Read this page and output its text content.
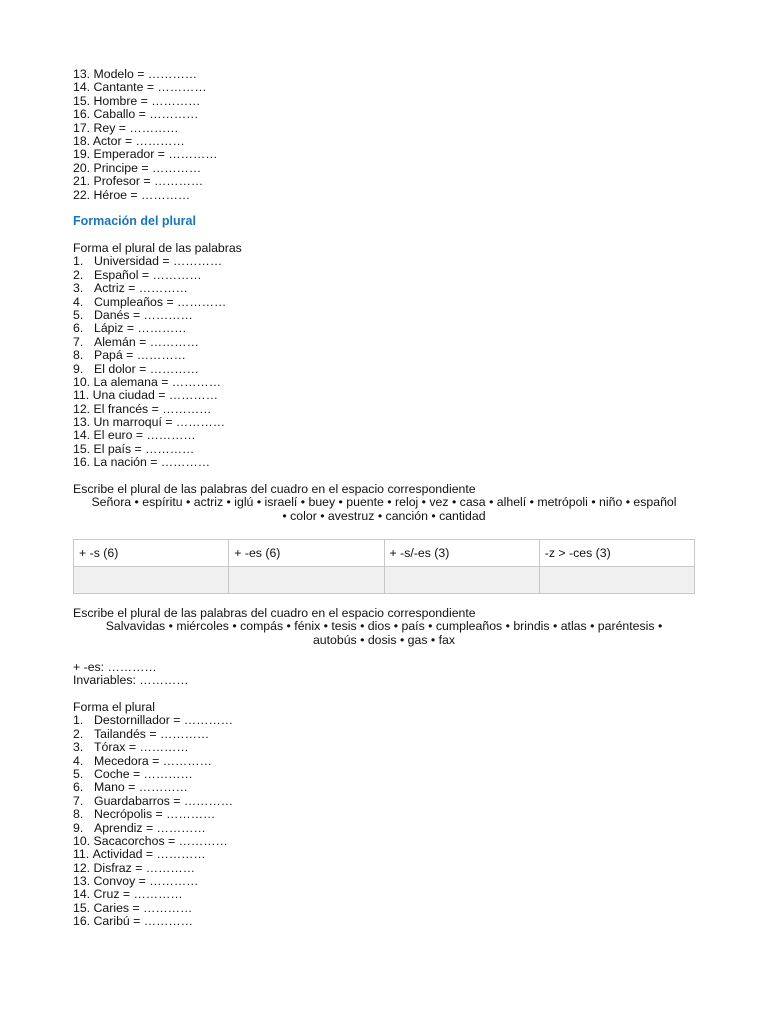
13. Modelo = …………
14. Cantante = …………
15. Hombre = …………
16. Caballo = …………
17. Rey = …………
18. Actor = …………
19. Emperador = …………
20. Principe = …………
21. Profesor = …………
22. Héroe = …………
Formación del plural
Forma el plural de las palabras
1. Universidad = …………
2. Español = …………
3. Actriz = …………
4. Cumpleaños = …………
5. Danés = …………
6. Lápiz = …………
7. Alemán = …………
8. Papá = …………
9. El dolor = …………
10.
La alemana = …………
11.
Una ciudad = …………
12.
El francés = …………
13.
Un marroquí = …………
14.
El euro = …………
15.
El país = …………
16.
La nación = …………
Escribe el plural de las palabras del cuadro en el espacio correspondiente
Señora • espíritu • actriz • iglú • israelí • buey • puente • reloj • vez • casa • alhelí • metrópoli • niño • español
• color • avestruz • canción • cantidad
+ -s (6)	+ -es (6)	+ -s/-es (3)	-z > -ces (3)

Escribe el plural de las palabras del cuadro en el espacio correspondiente
Salvavidas • miércoles • compás • fénix • tesis • dios • país • cumpleaños • brindis • atlas • paréntesis •
autobús • dosis • gas • fax
+ -es: …………
Invariables: …………
Forma el plural
1. Destornillador = …………
2. Tailandés = …………
3. Tórax = …………
4. Mecedora = …………
5. Coche = …………
6. Mano = …………
7. Guardabarros = …………
8. Necrópolis = …………
9. Aprendiz = …………
10.
Sacacorchos = …………
11.
Actividad = …………
12.
Disfraz = …………
13.
Convoy = …………
14.
Cruz = …………
15.
Caries = …………
16.
Caribú = …………
